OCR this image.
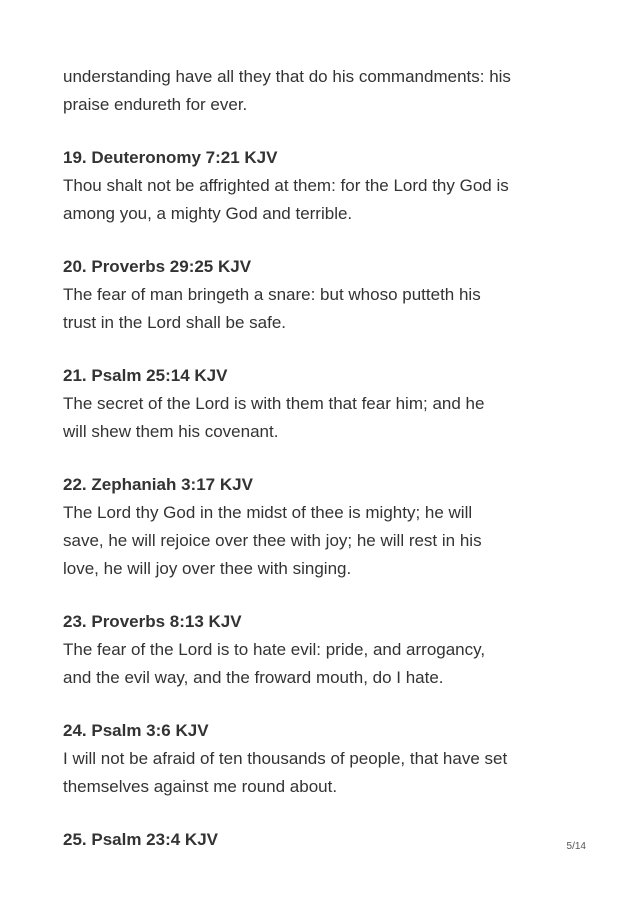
understanding have all they that do his commandments: his
praise endureth for ever.
19. Deuteronomy 7:21 KJV
Thou shalt not be affrighted at them: for the Lord thy God is
among you, a mighty God and terrible.
20. Proverbs 29:25 KJV
The fear of man bringeth a snare: but whoso putteth his
trust in the Lord shall be safe.
21. Psalm 25:14 KJV
The secret of the Lord is with them that fear him; and he
will shew them his covenant.
22. Zephaniah 3:17 KJV
The Lord thy God in the midst of thee is mighty; he will
save, he will rejoice over thee with joy; he will rest in his
love, he will joy over thee with singing.
23. Proverbs 8:13 KJV
The fear of the Lord is to hate evil: pride, and arrogancy,
and the evil way, and the froward mouth, do I hate.
24. Psalm 3:6 KJV
I will not be afraid of ten thousands of people, that have set
themselves against me round about.
25. Psalm 23:4 KJV	5/14
